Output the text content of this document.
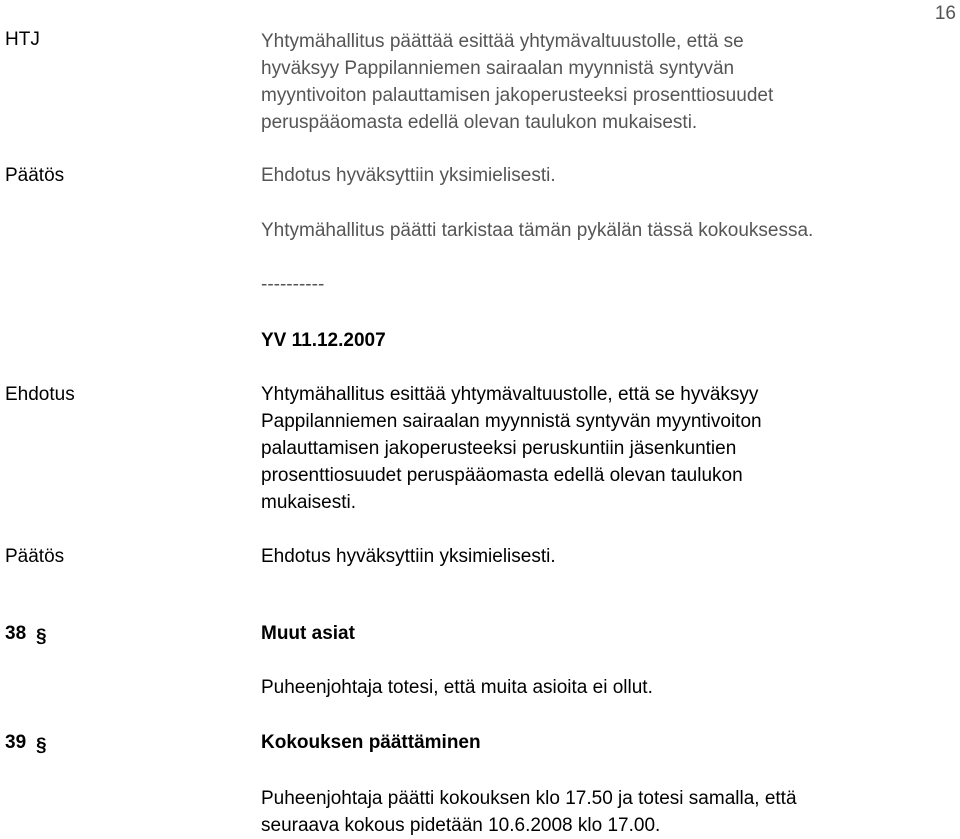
16
HTJ	Yhtymähallitus päättää esittää yhtymävaltuustolle, että se
hyväksyy Pappilanniemen sairaalan myynnistä syntyvän
myyntivoiton palauttamisen jakoperusteeksi prosenttiosuudet
peruspääomasta edellä olevan taulukon mukaisesti.
Päätös	Ehdotus hyväksyttiin yksimielisesti.
Yhtymähallitus päätti tarkistaa tämän pykälän tässä kokouksessa.
----------
YV 11.12.2007
Ehdotus	Yhtymähallitus esittää yhtymävaltuustolle, että se hyväksyy
Pappilanniemen sairaalan myynnistä syntyvän myyntivoiton
palauttamisen jakoperusteeksi peruskuntiin jäsenkuntien
prosenttiosuudet peruspääomasta edellä olevan taulukon
mukaisesti.
Päätös	Ehdotus hyväksyttiin yksimielisesti.
38 §	Muut asiat
Puheenjohtaja totesi, että muita asioita ei ollut.
39 §	Kokouksen päättäminen
Puheenjohtaja päätti kokouksen klo 17.50 ja totesi samalla, että
seuraava kokous pidetään 10.6.2008 klo 17.00.
